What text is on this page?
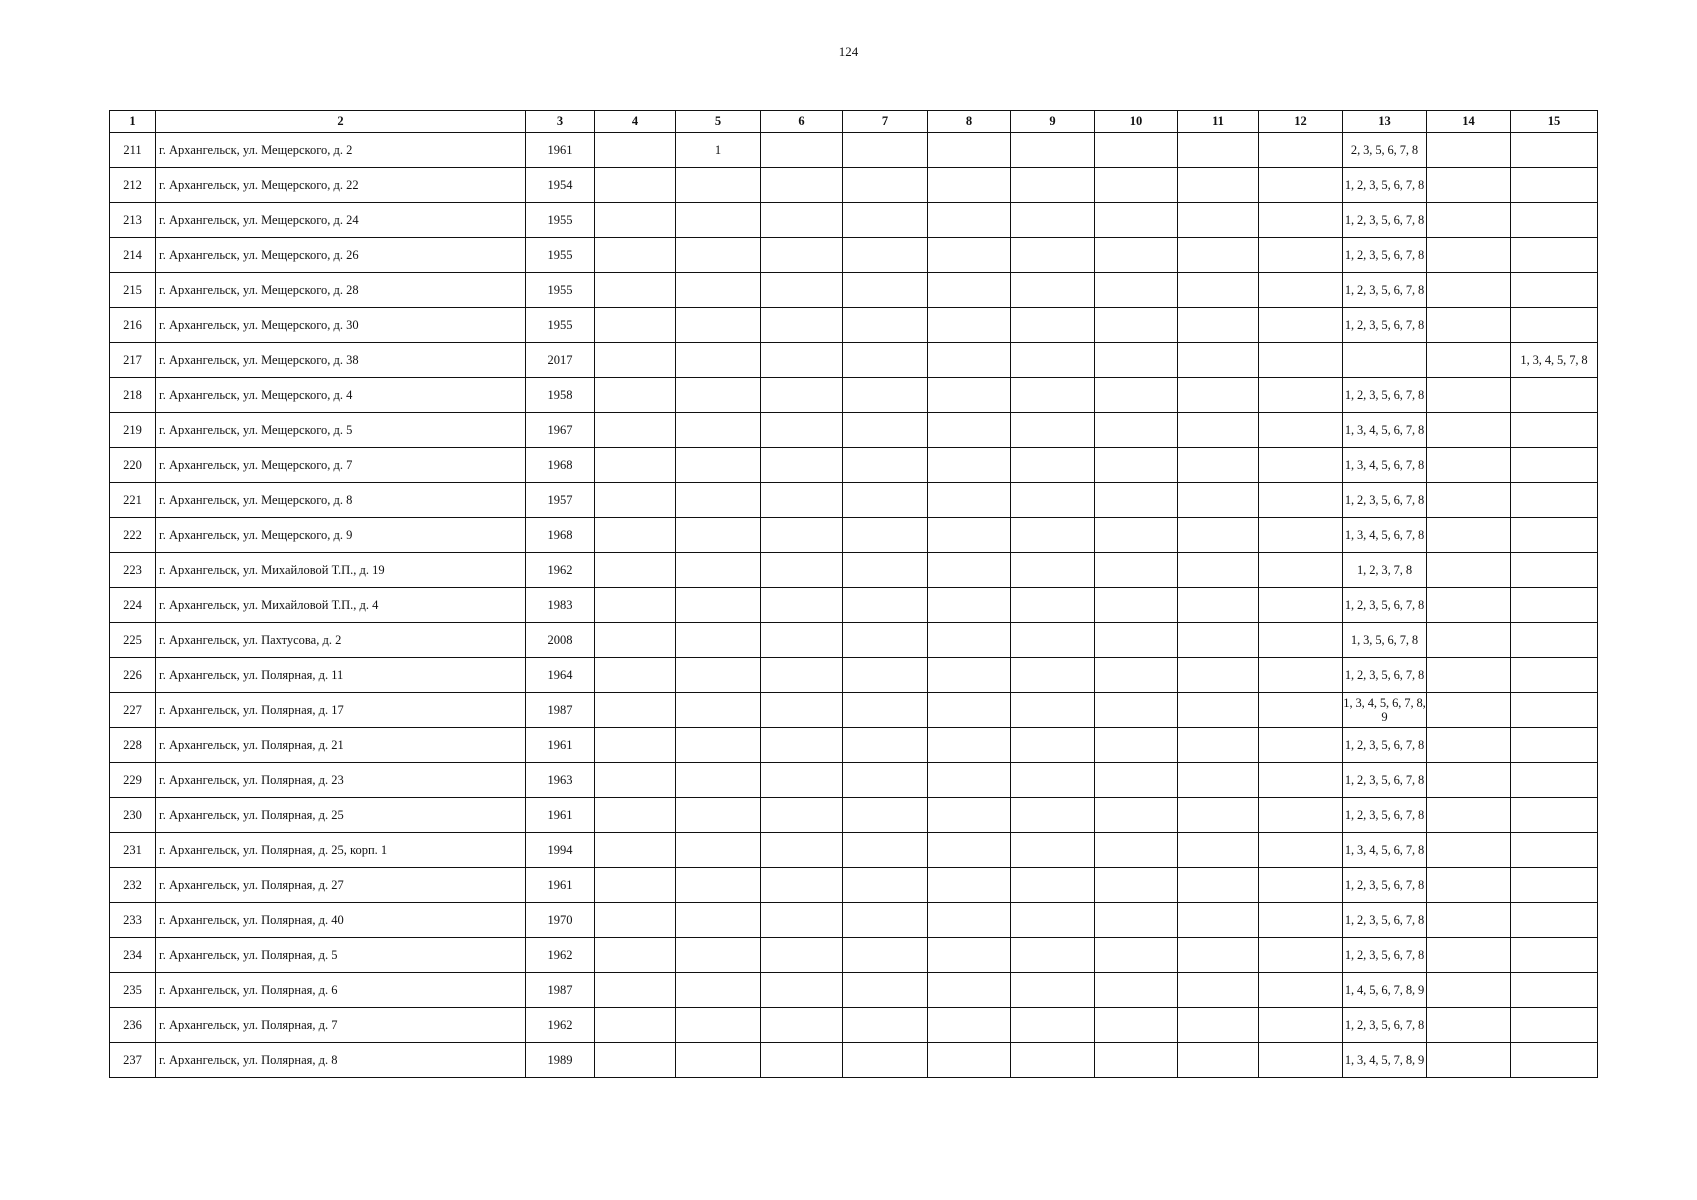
124
1	2	3	4	5	6	7	8	9	10	11	12	13	14	15
211	г. Архангельск, ул. Мещерского, д. 2	1961		1								2, 3, 5, 6, 7, 8		
212	г. Архангельск, ул. Мещерского, д. 22	1954										1, 2, 3, 5, 6, 7, 8		
213	г. Архангельск, ул. Мещерского, д. 24	1955										1, 2, 3, 5, 6, 7, 8		
214	г. Архангельск, ул. Мещерского, д. 26	1955										1, 2, 3, 5, 6, 7, 8		
215	г. Архангельск, ул. Мещерского, д. 28	1955										1, 2, 3, 5, 6, 7, 8		
216	г. Архангельск, ул. Мещерского, д. 30	1955										1, 2, 3, 5, 6, 7, 8		
217	г. Архангельск, ул. Мещерского, д. 38	2017												1, 3, 4, 5, 7, 8
218	г. Архангельск, ул. Мещерского, д. 4	1958										1, 2, 3, 5, 6, 7, 8		
219	г. Архангельск, ул. Мещерского, д. 5	1967										1, 3, 4, 5, 6, 7, 8		
220	г. Архангельск, ул. Мещерского, д. 7	1968										1, 3, 4, 5, 6, 7, 8		
221	г. Архангельск, ул. Мещерского, д. 8	1957										1, 2, 3, 5, 6, 7, 8		
222	г. Архангельск, ул. Мещерского, д. 9	1968										1, 3, 4, 5, 6, 7, 8		
223	г. Архангельск, ул. Михайловой Т.П., д. 19	1962										1, 2, 3, 7, 8		
224	г. Архангельск, ул. Михайловой Т.П., д. 4	1983										1, 2, 3, 5, 6, 7, 8		
225	г. Архангельск, ул. Пахтусова, д. 2	2008										1, 3, 5, 6, 7, 8		
226	г. Архангельск, ул. Полярная, д. 11	1964										1, 2, 3, 5, 6, 7, 8		
227	г. Архангельск, ул. Полярная, д. 17	1987										1, 3, 4, 5, 6, 7, 8, 9		
228	г. Архангельск, ул. Полярная, д. 21	1961										1, 2, 3, 5, 6, 7, 8		
229	г. Архангельск, ул. Полярная, д. 23	1963										1, 2, 3, 5, 6, 7, 8		
230	г. Архангельск, ул. Полярная, д. 25	1961										1, 2, 3, 5, 6, 7, 8		
231	г. Архангельск, ул. Полярная, д. 25, корп. 1	1994										1, 3, 4, 5, 6, 7, 8		
232	г. Архангельск, ул. Полярная, д. 27	1961										1, 2, 3, 5, 6, 7, 8		
233	г. Архангельск, ул. Полярная, д. 40	1970										1, 2, 3, 5, 6, 7, 8		
234	г. Архангельск, ул. Полярная, д. 5	1962										1, 2, 3, 5, 6, 7, 8		
235	г. Архангельск, ул. Полярная, д. 6	1987										1, 4, 5, 6, 7, 8, 9		
236	г. Архангельск, ул. Полярная, д. 7	1962										1, 2, 3, 5, 6, 7, 8		
237	г. Архангельск, ул. Полярная, д. 8	1989										1, 3, 4, 5, 7, 8, 9		
